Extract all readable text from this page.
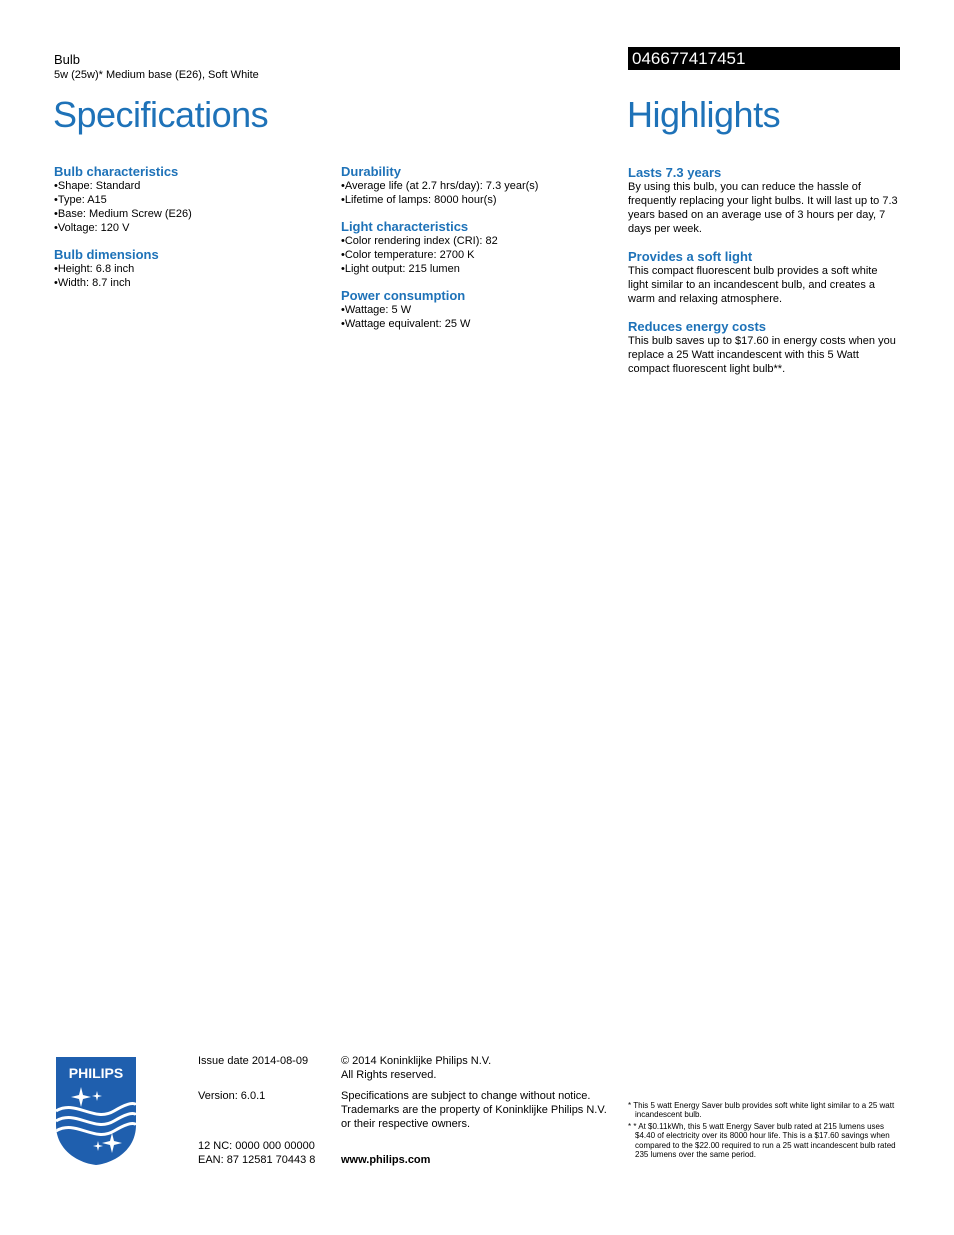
Bulb
5w (25w)* Medium base (E26), Soft White
046677417451
Specifications	Highlights
Bulb characteristics
• Shape: Standard
• Type: A15
• Base: Medium Screw (E26)
• Voltage: 120 V
Bulb dimensions
• Height: 6.8 inch
• Width: 8.7 inch
Durability
• Average life (at 2.7 hrs/day): 7.3 year(s)
• Lifetime of lamps: 8000 hour(s)
Light characteristics
• Color rendering index (CRI): 82
• Color temperature: 2700 K
• Light output: 215 lumen
Power consumption
• Wattage: 5 W
• Wattage equivalent: 25 W
Lasts 7.3 years

By using this bulb, you can reduce the hassle of frequently replacing your light bulbs. It will last up to 7.3 years based on an average use of 3 hours per day, 7 days per week.

Provides a soft light

This compact fluorescent bulb provides a soft white light similar to an incandescent bulb, and creates a warm and relaxing atmosphere.

Reduces energy costs

This bulb saves up to $17.60 in energy costs when you replace a 25 Watt incandescent with this 5 Watt compact fluorescent light bulb**.

PHILIPS
Issue date 2014-08-09
Version: 6.0.1
12 NC: 0000 000 00000
EAN: 87 12581 70443 8
© 2014 Koninklijke Philips N.V.
All Rights reserved.
Specifications are subject to change without notice. Trademarks are the property of Koninklijke Philips N.V. or their respective owners.
www.philips.com

* This 5 watt Energy Saver bulb provides soft white light similar to a 25 watt incandescent bulb.

* * At $0.11kWh, this 5 watt Energy Saver bulb rated at 215 lumens uses $4.40 of electricity over its 8000 hour life. This is a $17.60 savings when compared to the $22.00 required to run a 25 watt incandescent bulb rated 235 lumens over the same period.
